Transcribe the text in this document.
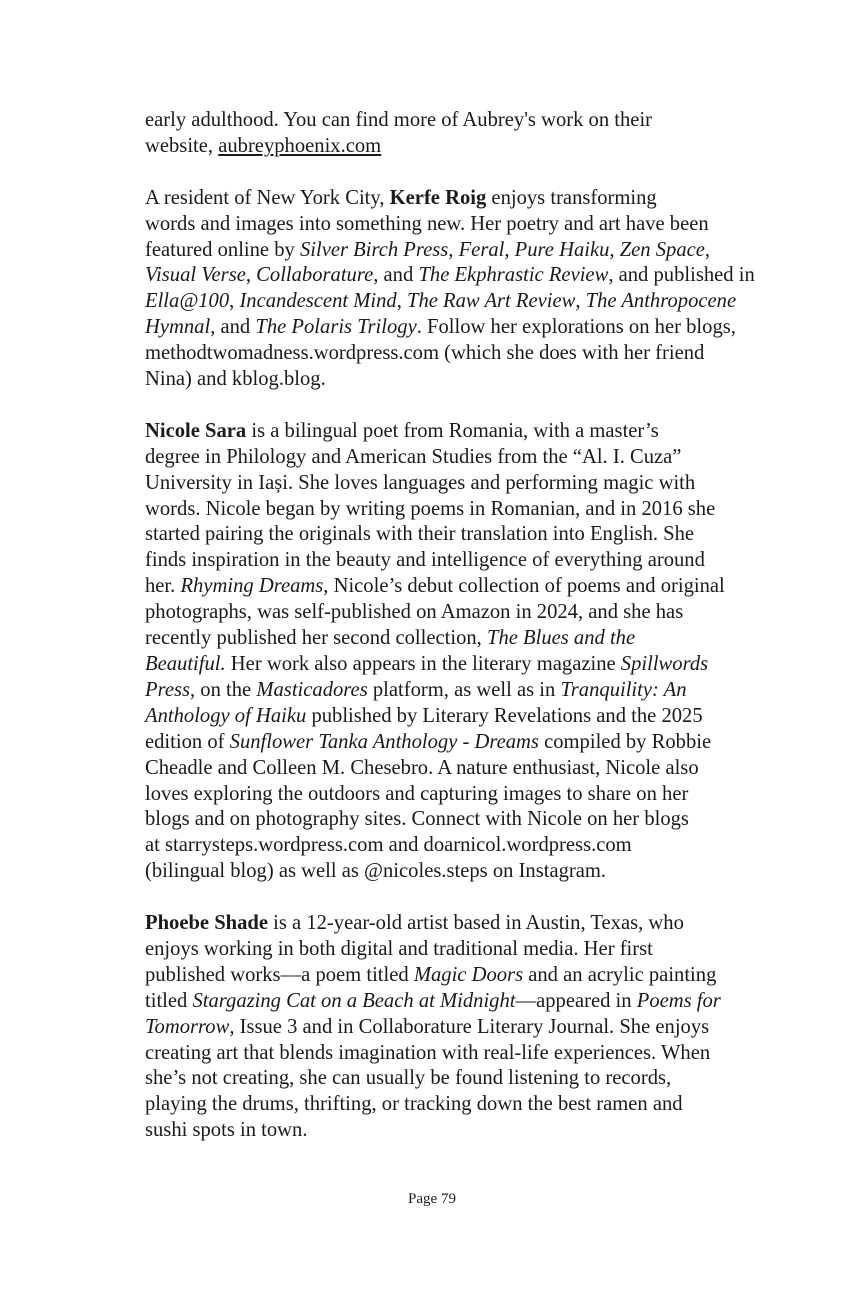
early adulthood. You can find more of Aubrey's work on their
website, aubreyphoenix.com
A resident of New York City, Kerfe Roig enjoys transforming
words and images into something new. Her poetry and art have been
featured online by Silver Birch Press, Feral, Pure Haiku, Zen Space,
Visual Verse, Collaborature, and The Ekphrastic Review, and published in
Ella@100, Incandescent Mind, The Raw Art Review, The Anthropocene
Hymnal, and The Polaris Trilogy. Follow her explorations on her blogs,
methodtwomadness.wordpress.com (which she does with her friend
Nina) and kblog.blog.
Nicole Sara is a bilingual poet from Romania, with a master’s
degree in Philology and American Studies from the “Al. I. Cuza”
University in Iași. She loves languages and performing magic with
words. Nicole began by writing poems in Romanian, and in 2016 she
started pairing the originals with their translation into English. She
finds inspiration in the beauty and intelligence of everything around
her. Rhyming Dreams, Nicole’s debut collection of poems and original
photographs, was self-published on Amazon in 2024, and she has
recently published her second collection, The Blues and the
Beautiful. Her work also appears in the literary magazine Spillwords
Press, on the Masticadores platform, as well as in Tranquility: An
Anthology of Haiku published by Literary Revelations and the 2025
edition of Sunflower Tanka Anthology - Dreams compiled by Robbie
Cheadle and Colleen M. Chesebro. A nature enthusiast, Nicole also
loves exploring the outdoors and capturing images to share on her
blogs and on photography sites. Connect with Nicole on her blogs
at starrysteps.wordpress.com and doarnicol.wordpress.com
(bilingual blog) as well as @nicoles.steps on Instagram.
Phoebe Shade is a 12-year-old artist based in Austin, Texas, who
enjoys working in both digital and traditional media. Her first
published works—a poem titled Magic Doors and an acrylic painting
titled Stargazing Cat on a Beach at Midnight—appeared in Poems for
Tomorrow, Issue 3 and in Collaborature Literary Journal. She enjoys
creating art that blends imagination with real-life experiences. When
she’s not creating, she can usually be found listening to records,
playing the drums, thrifting, or tracking down the best ramen and
sushi spots in town.
Page 79
